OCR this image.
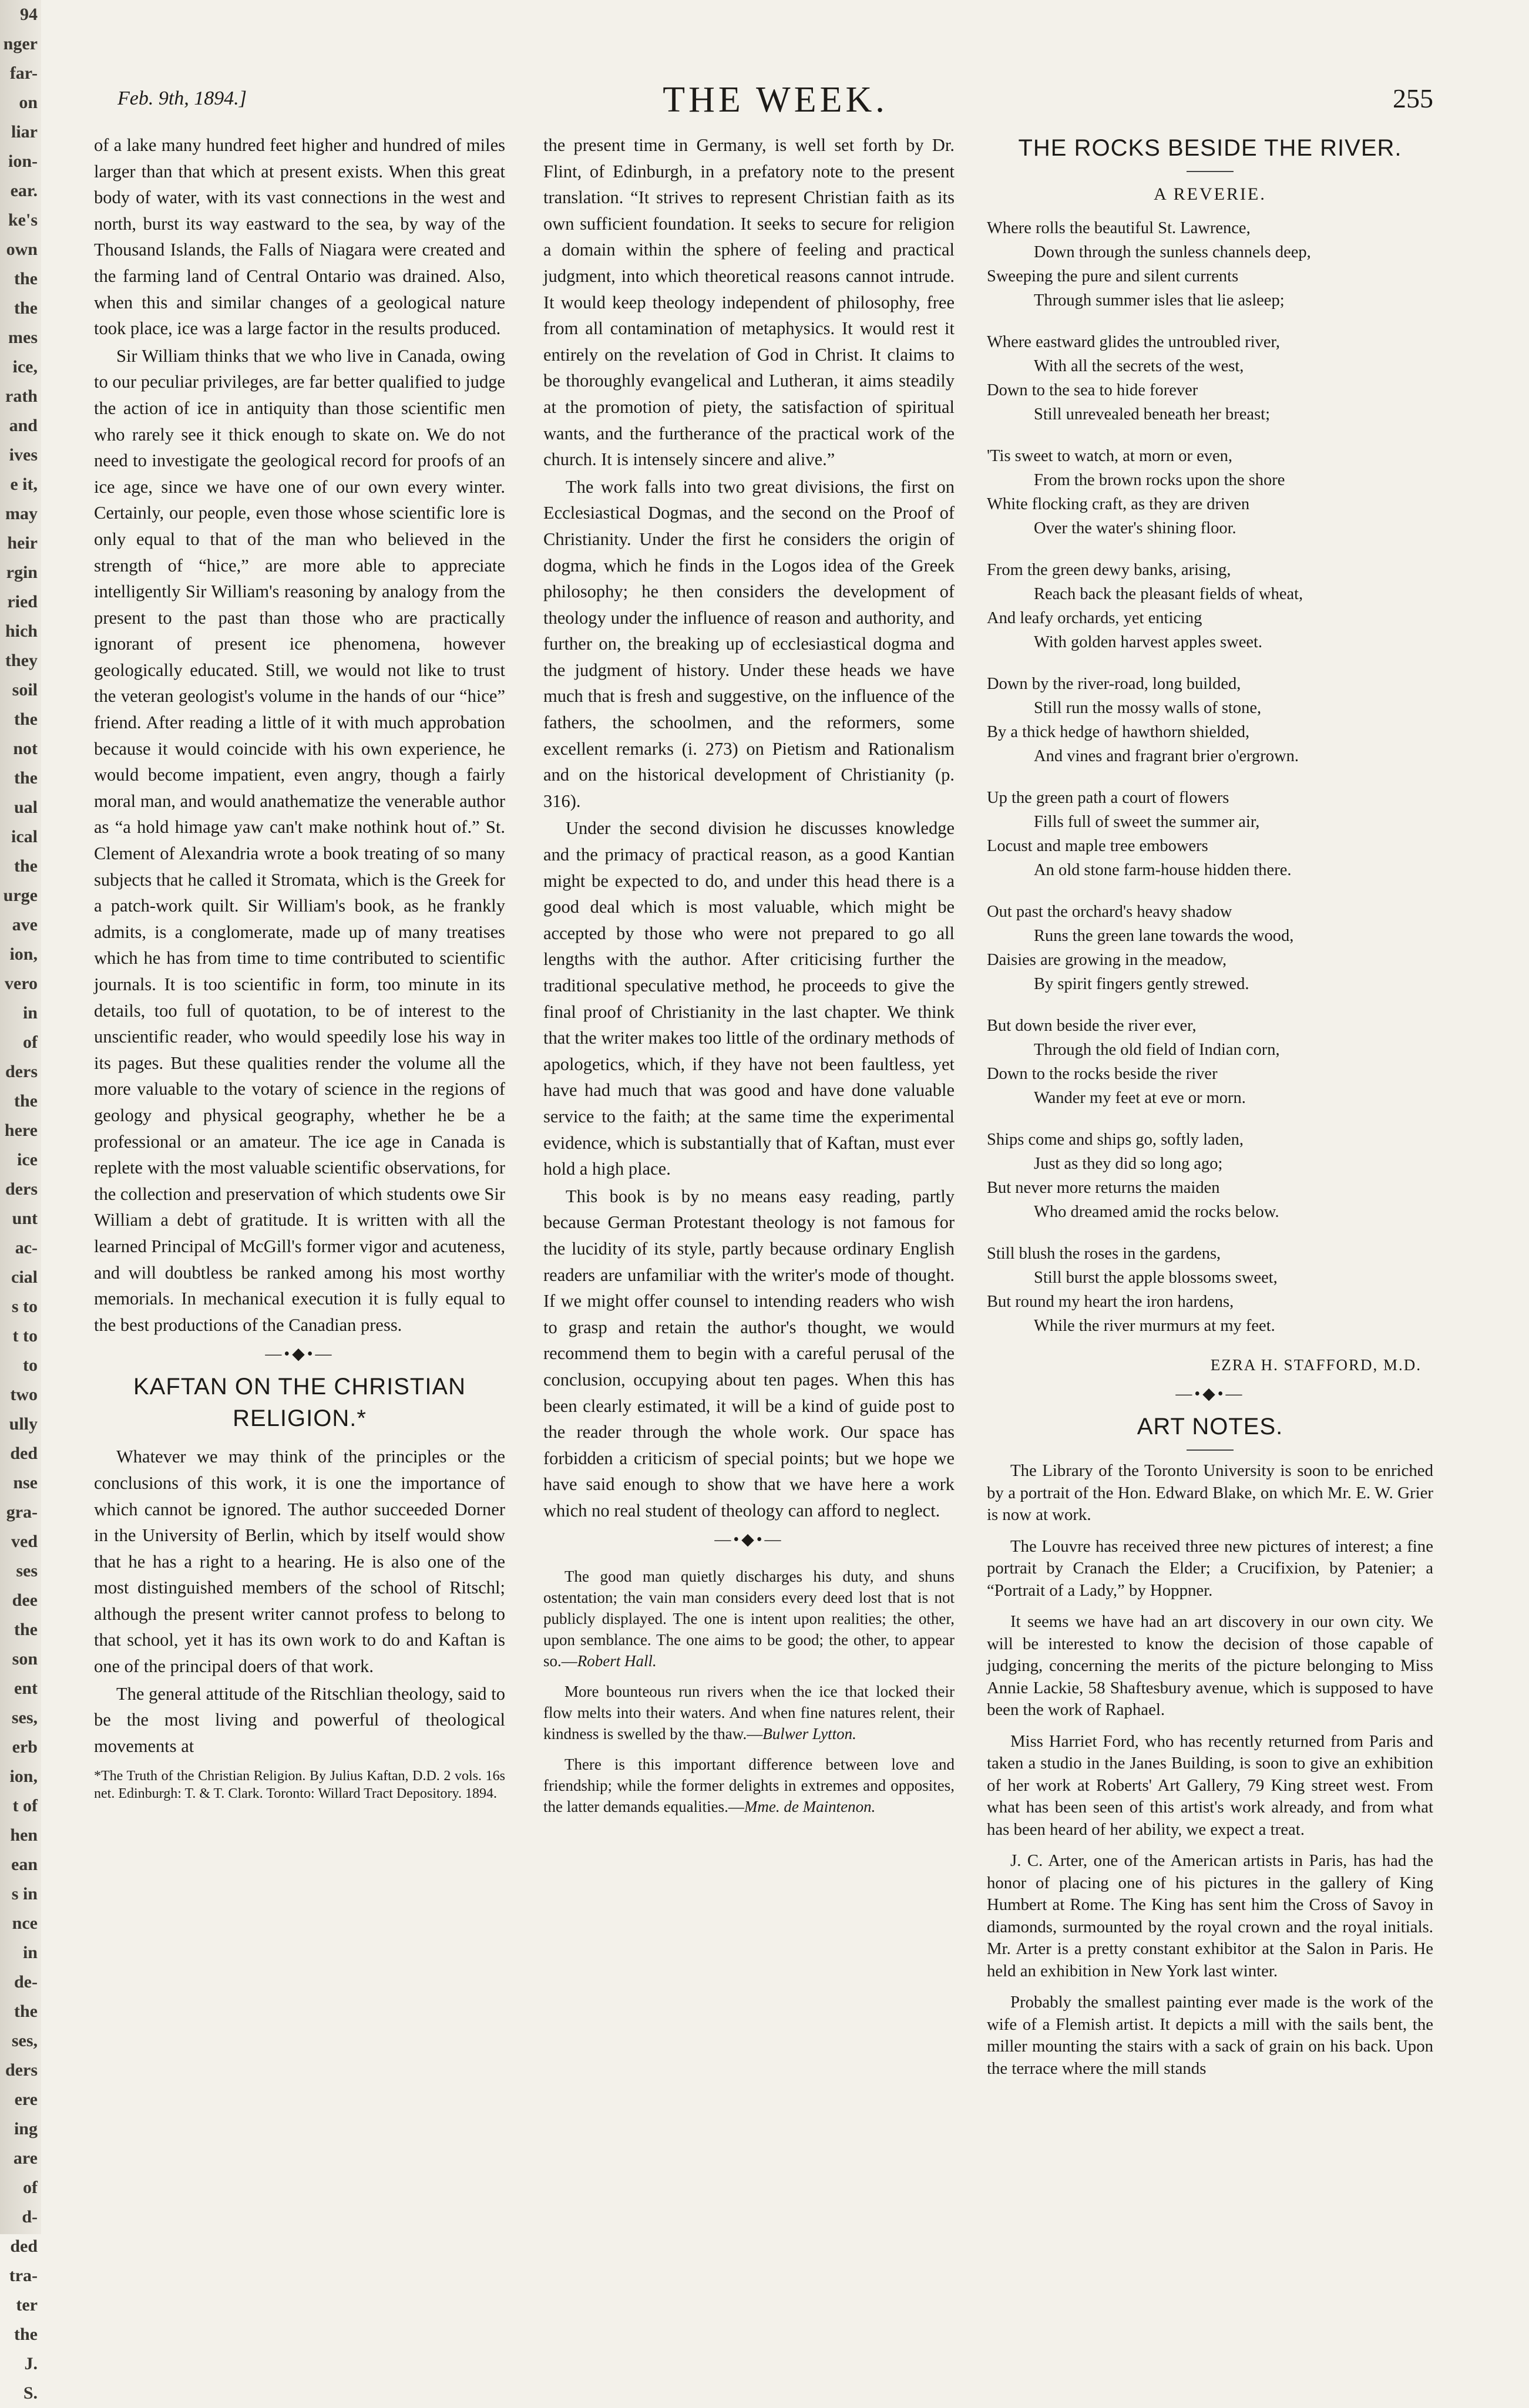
94
nger
far-
on
liar
ion-
ear.
ke's
own
the
the
mes
ice,
rath
and
ives
e it,
may
heir
rgin
ried
hich
they
soil
the
not
the
ual
ical
the
urge
ave
ion,
vero
in
of
ders
the
here
ice
ders
unt
ac-
cial
s to
t to
to
two
ully
ded
nse
gra-
ved
ses
dee
the
son
ent
ses,
erb
ion,
t of
hen
ean
s in
nce
in
de-
the
ses,
ders
ere
ing
are
of
d-
ded
tra-
ter
the
J.
S.
Feb. 9th, 1894.]	THE WEEK.	255

of a lake many hundred feet higher and hundred of miles larger than that which at present exists. When this great body of water, with its vast connections in the west and north, burst its way eastward to the sea, by way of the Thousand Islands, the Falls of Niagara were created and the farming land of Central Ontario was drained. Also, when this and similar changes of a geological nature took place, ice was a large factor in the results produced.

Sir William thinks that we who live in Canada, owing to our peculiar privileges, are far better qualified to judge the action of ice in antiquity than those scientific men who rarely see it thick enough to skate on. We do not need to investigate the geological record for proofs of an ice age, since we have one of our own every winter. Certainly, our people, even those whose scientific lore is only equal to that of the man who believed in the strength of “hice,” are more able to appreciate intelligently Sir William's reasoning by analogy from the present to the past than those who are practically ignorant of present ice phenomena, however geologically educated. Still, we would not like to trust the veteran geologist's volume in the hands of our “hice” friend. After reading a little of it with much approbation because it would coincide with his own experience, he would become impatient, even angry, though a fairly moral man, and would anathematize the venerable author as “a hold himage yaw can't make nothink hout of.” St. Clement of Alexandria wrote a book treating of so many subjects that he called it Stromata, which is the Greek for a patch-work quilt. Sir William's book, as he frankly admits, is a conglomerate, made up of many treatises which he has from time to time contributed to scientific journals. It is too scientific in form, too minute in its details, too full of quotation, to be of interest to the unscientific reader, who would speedily lose his way in its pages. But these qualities render the volume all the more valuable to the votary of science in the regions of geology and physical geography, whether he be a professional or an amateur. The ice age in Canada is replete with the most valuable scientific observations, for the collection and preservation of which students owe Sir William a debt of gratitude. It is written with all the learned Principal of McGill's former vigor and acuteness, and will doubtless be ranked among his most worthy memorials. In mechanical execution it is fully equal to the best productions of the Canadian press.

—•◆•—
KAFTAN ON THE CHRISTIAN
RELIGION.*

Whatever we may think of the principles or the conclusions of this work, it is one the importance of which cannot be ignored. The author succeeded Dorner in the University of Berlin, which by itself would show that he has a right to a hearing. He is also one of the most distinguished members of the school of Ritschl; although the present writer cannot profess to belong to that school, yet it has its own work to do and Kaftan is one of the principal doers of that work.

The general attitude of the Ritschlian theology, said to be the most living and powerful of theological movements at

*The Truth of the Christian Religion. By Julius Kaftan, D.D. 2 vols. 16s net. Edinburgh: T. & T. Clark. Toronto: Willard Tract Depository. 1894.

the present time in Germany, is well set forth by Dr. Flint, of Edinburgh, in a prefatory note to the present translation. “It strives to represent Christian faith as its own sufficient foundation. It seeks to secure for religion a domain within the sphere of feeling and practical judgment, into which theoretical reasons cannot intrude. It would keep theology independent of philosophy, free from all contamination of metaphysics. It would rest it entirely on the revelation of God in Christ. It claims to be thoroughly evangelical and Lutheran, it aims steadily at the promotion of piety, the satisfaction of spiritual wants, and the furtherance of the practical work of the church. It is intensely sincere and alive.”

The work falls into two great divisions, the first on Ecclesiastical Dogmas, and the second on the Proof of Christianity. Under the first he considers the origin of dogma, which he finds in the Logos idea of the Greek philosophy; he then considers the development of theology under the influence of reason and authority, and further on, the breaking up of ecclesiastical dogma and the judgment of history. Under these heads we have much that is fresh and suggestive, on the influence of the fathers, the schoolmen, and the reformers, some excellent remarks (i. 273) on Pietism and Rationalism and on the historical development of Christianity (p. 316).

Under the second division he discusses knowledge and the primacy of practical reason, as a good Kantian might be expected to do, and under this head there is a good deal which is most valuable, which might be accepted by those who were not prepared to go all lengths with the author. After criticising further the traditional speculative method, he proceeds to give the final proof of Christianity in the last chapter. We think that the writer makes too little of the ordinary methods of apologetics, which, if they have not been faultless, yet have had much that was good and have done valuable service to the faith; at the same time the experimental evidence, which is substantially that of Kaftan, must ever hold a high place.

This book is by no means easy reading, partly because German Protestant theology is not famous for the lucidity of its style, partly because ordinary English readers are unfamiliar with the writer's mode of thought. If we might offer counsel to intending readers who wish to grasp and retain the author's thought, we would recommend them to begin with a careful perusal of the conclusion, occupying about ten pages. When this has been clearly estimated, it will be a kind of guide post to the reader through the whole work. Our space has forbidden a criticism of special points; but we hope we have said enough to show that we have here a work which no real student of theology can afford to neglect.

—•◆•—
The good man quietly discharges his duty, and shuns ostentation; the vain man considers every deed lost that is not publicly displayed. The one is intent upon realities; the other, upon semblance. The one aims to be good; the other, to appear so.—Robert Hall.
More bounteous run rivers when the ice that locked their flow melts into their waters. And when fine natures relent, their kindness is swelled by the thaw.—Bulwer Lytton.
There is this important difference between love and friendship; while the former delights in extremes and opposites, the latter demands equalities.—Mme. de Maintenon.
THE ROCKS BESIDE THE RIVER.
A REVERIE.
Where rolls the beautiful St. Lawrence,
Down through the sunless channels deep,
Sweeping the pure and silent currents
Through summer isles that lie asleep;
Where eastward glides the untroubled river,
With all the secrets of the west,
Down to the sea to hide forever
Still unrevealed beneath her breast;
'Tis sweet to watch, at morn or even,
From the brown rocks upon the shore
White flocking craft, as they are driven
Over the water's shining floor.
From the green dewy banks, arising,
Reach back the pleasant fields of wheat,
And leafy orchards, yet enticing
With golden harvest apples sweet.
Down by the river-road, long builded,
Still run the mossy walls of stone,
By a thick hedge of hawthorn shielded,
And vines and fragrant brier o'ergrown.
Up the green path a court of flowers
Fills full of sweet the summer air,
Locust and maple tree embowers
An old stone farm-house hidden there.
Out past the orchard's heavy shadow
Runs the green lane towards the wood,
Daisies are growing in the meadow,
By spirit fingers gently strewed.
But down beside the river ever,
Through the old field of Indian corn,
Down to the rocks beside the river
Wander my feet at eve or morn.
Ships come and ships go, softly laden,
Just as they did so long ago;
But never more returns the maiden
Who dreamed amid the rocks below.
Still blush the roses in the gardens,
Still burst the apple blossoms sweet,
But round my heart the iron hardens,
While the river murmurs at my feet.
EZRA H. STAFFORD, M.D.
—•◆•—
ART NOTES.

The Library of the Toronto University is soon to be enriched by a portrait of the Hon. Edward Blake, on which Mr. E. W. Grier is now at work.

The Louvre has received three new pictures of interest; a fine portrait by Cranach the Elder; a Crucifixion, by Patenier; a “Portrait of a Lady,” by Hoppner.

It seems we have had an art discovery in our own city. We will be interested to know the decision of those capable of judging, concerning the merits of the picture belonging to Miss Annie Lackie, 58 Shaftesbury avenue, which is supposed to have been the work of Raphael.

Miss Harriet Ford, who has recently returned from Paris and taken a studio in the Janes Building, is soon to give an exhibition of her work at Roberts' Art Gallery, 79 King street west. From what has been seen of this artist's work already, and from what has been heard of her ability, we expect a treat.

J. C. Arter, one of the American artists in Paris, has had the honor of placing one of his pictures in the gallery of King Humbert at Rome. The King has sent him the Cross of Savoy in diamonds, surmounted by the royal crown and the royal initials. Mr. Arter is a pretty constant exhibitor at the Salon in Paris. He held an exhibition in New York last winter.

Probably the smallest painting ever made is the work of the wife of a Flemish artist. It depicts a mill with the sails bent, the miller mounting the stairs with a sack of grain on his back. Upon the terrace where the mill stands
